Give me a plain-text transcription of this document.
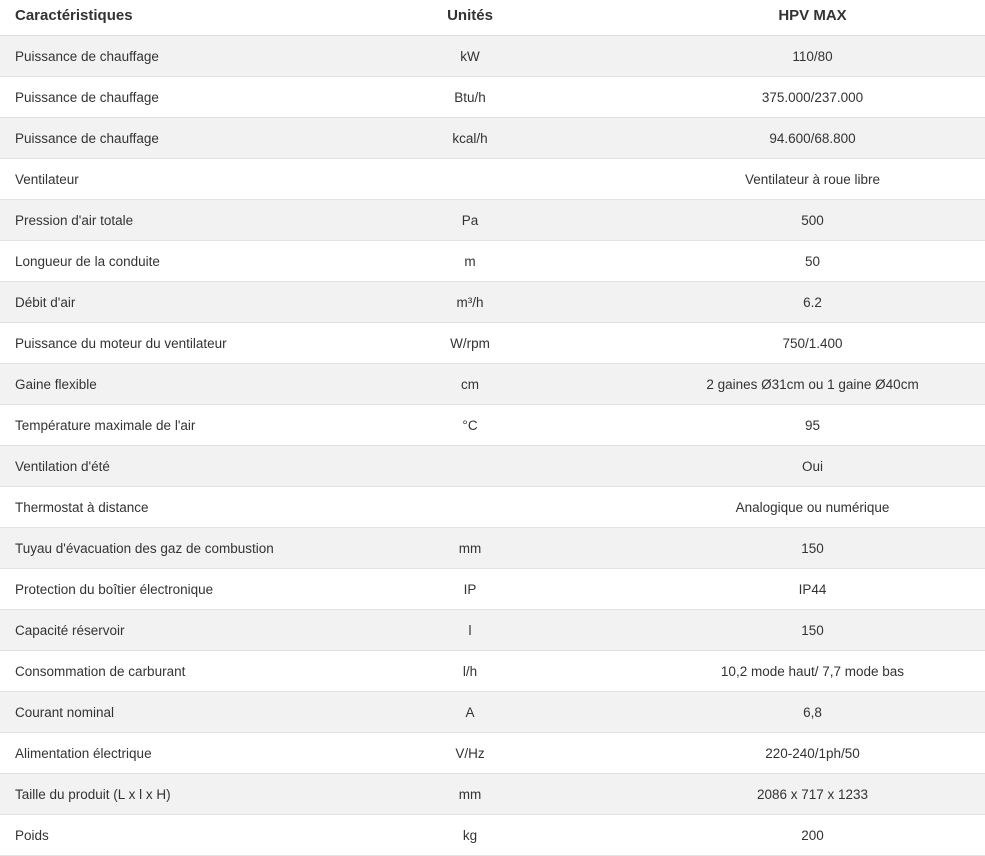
Caractéristiques	Unités	HPV MAX
Puissance de chauffage	kW	110/80
Puissance de chauffage	Btu/h	375.000/237.000
Puissance de chauffage	kcal/h	94.600/68.800
Ventilateur		Ventilateur à roue libre
Pression d'air totale	Pa	500
Longueur de la conduite	m	50
Débit d'air	m³/h	6.2
Puissance du moteur du ventilateur	W/rpm	750/1.400
Gaine flexible	cm	2 gaines Ø31cm ou 1 gaine Ø40cm
Température maximale de l'air	°C	95
Ventilation d'été		Oui
Thermostat à distance		Analogique ou numérique
Tuyau d'évacuation des gaz de combustion	mm	150
Protection du boîtier électronique	IP	IP44
Capacité réservoir	l	150
Consommation de carburant	l/h	10,2 mode haut/ 7,7 mode bas
Courant nominal	A	6,8
Alimentation électrique	V/Hz	220-240/1ph/50
Taille du produit (L x l x H)	mm	2086 x 717 x 1233
Poids	kg	200
